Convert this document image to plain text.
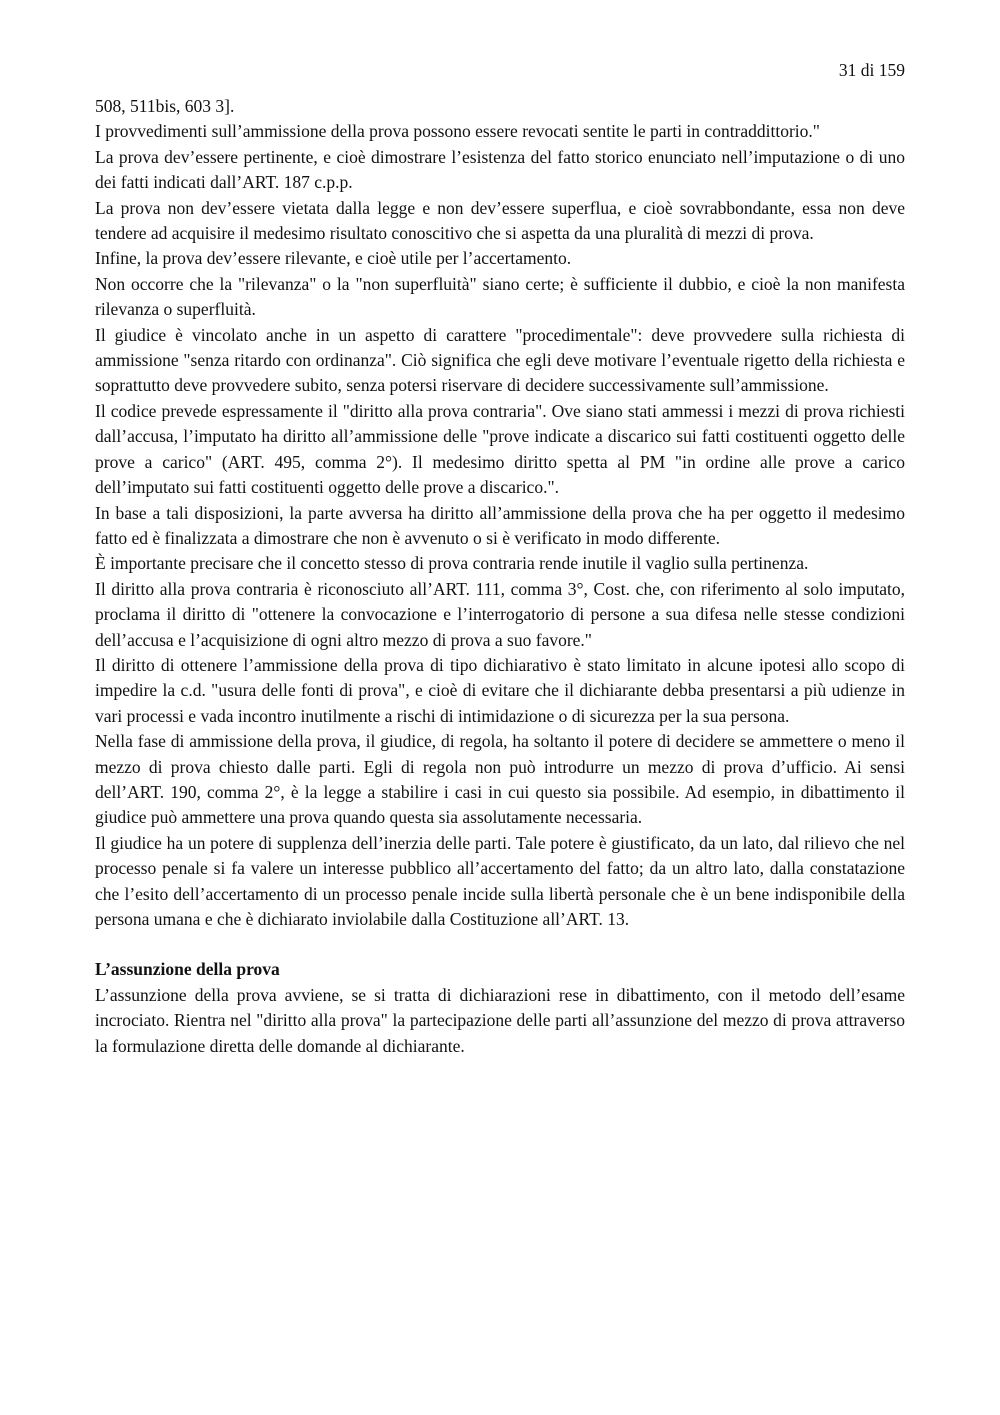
31 di 159

508, 511bis, 603 3].

I provvedimenti sull’ammissione della prova possono essere revocati sentite le parti in contraddittorio."

La prova dev’essere pertinente, e cioè dimostrare l’esistenza del fatto storico enunciato nell’imputazione o di uno dei fatti indicati dall’ART. 187 c.p.p.

La prova non dev’essere vietata dalla legge e non dev’essere superflua, e cioè sovrabbondante, essa non deve tendere ad acquisire il medesimo risultato conoscitivo che si aspetta da una pluralità di mezzi di prova.

Infine, la prova dev’essere rilevante, e cioè utile per l’accertamento.

Non occorre che la "rilevanza" o la "non superfluità" siano certe; è sufficiente il dubbio, e cioè la non manifesta rilevanza o superfluità.

Il giudice è vincolato anche in un aspetto di carattere "procedimentale": deve provvedere sulla richiesta di ammissione "senza ritardo con ordinanza". Ciò significa che egli deve motivare l’eventuale rigetto della richiesta e soprattutto deve provvedere subito, senza potersi riservare di decidere successivamente sull’ammissione.

Il codice prevede espressamente il "diritto alla prova contraria". Ove siano stati ammessi i mezzi di prova richiesti dall’accusa, l’imputato ha diritto all’ammissione delle "prove indicate a discarico sui fatti costituenti oggetto delle prove a carico" (ART. 495, comma 2°). Il medesimo diritto spetta al PM "in ordine alle prove a carico dell’imputato sui fatti costituenti oggetto delle prove a discarico.".

In base a tali disposizioni, la parte avversa ha diritto all’ammissione della prova che ha per oggetto il medesimo fatto ed è finalizzata a dimostrare che non è avvenuto o si è verificato in modo differente.

È importante precisare che il concetto stesso di prova contraria rende inutile il vaglio sulla pertinenza.

Il diritto alla prova contraria è riconosciuto all’ART. 111, comma 3°, Cost. che, con riferimento al solo imputato, proclama il diritto di "ottenere la convocazione e l’interrogatorio di persone a sua difesa nelle stesse condizioni dell’accusa e l’acquisizione di ogni altro mezzo di prova a suo favore."

Il diritto di ottenere l’ammissione della prova di tipo dichiarativo è stato limitato in alcune ipotesi allo scopo di impedire la c.d. "usura delle fonti di prova", e cioè di evitare che il dichiarante debba presentarsi a più udienze in vari processi e vada incontro inutilmente a rischi di intimidazione o di sicurezza per la sua persona.

Nella fase di ammissione della prova, il giudice, di regola, ha soltanto il potere di decidere se ammettere o meno il mezzo di prova chiesto dalle parti. Egli di regola non può introdurre un mezzo di prova d’ufficio. Ai sensi dell’ART. 190, comma 2°, è la legge a stabilire i casi in cui questo sia possibile. Ad esempio, in dibattimento il giudice può ammettere una prova quando questa sia assolutamente necessaria.

Il giudice ha un potere di supplenza dell’inerzia delle parti. Tale potere è giustificato, da un lato, dal rilievo che nel processo penale si fa valere un interesse pubblico all’accertamento del fatto; da un altro lato, dalla constatazione che l’esito dell’accertamento di un processo penale incide sulla libertà personale che è un bene indisponibile della persona umana e che è dichiarato inviolabile dalla Costituzione all’ART. 13.

L’assunzione della prova

L’assunzione della prova avviene, se si tratta di dichiarazioni rese in dibattimento, con il metodo dell’esame incrociato. Rientra nel "diritto alla prova" la partecipazione delle parti all’assunzione del mezzo di prova attraverso la formulazione diretta delle domande al dichiarante.
